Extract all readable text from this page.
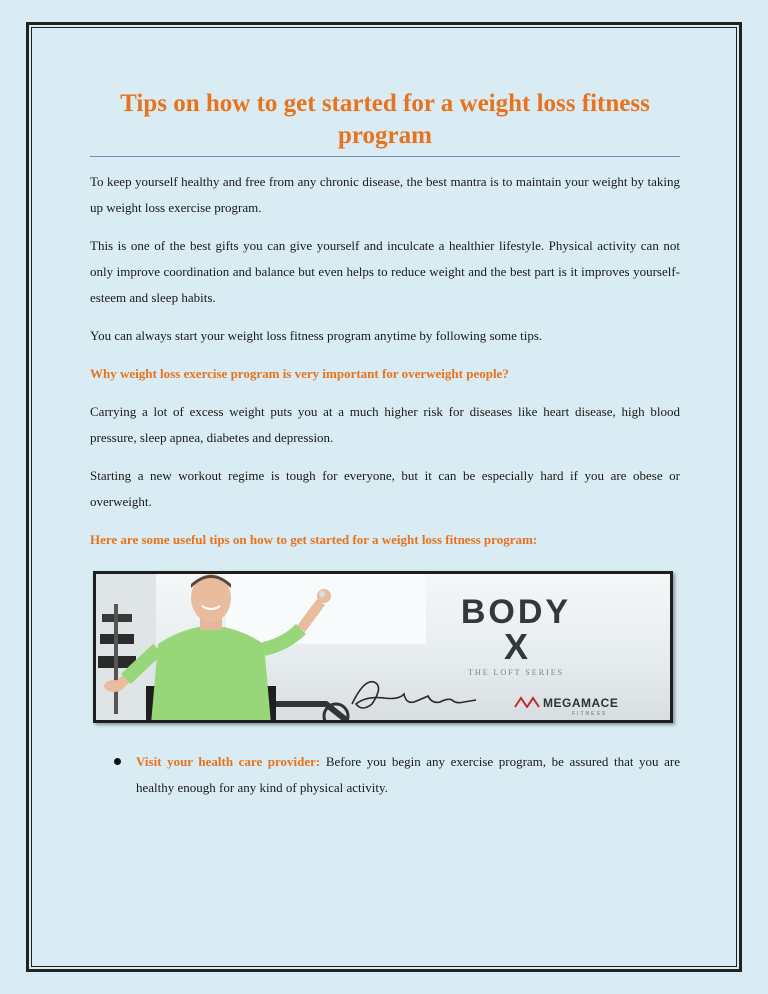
Tips on how to get started for a weight loss fitness program

To keep yourself healthy and free from any chronic disease, the best mantra is to maintain your weight by taking up weight loss exercise program.

This is one of the best gifts you can give yourself and inculcate a healthier lifestyle. Physical activity can not only improve coordination and balance but even helps to reduce weight and the best part is it improves yourself-esteem and sleep habits.

You can always start your weight loss fitness program anytime by following some tips.

Why weight loss exercise program is very important for overweight people?

Carrying a lot of excess weight puts you at a much higher risk for diseases like heart disease, high blood pressure, sleep apnea, diabetes and depression.

Starting a new workout regime is tough for everyone, but it can be especially hard if you are obese or overweight.

Here are some useful tips on how to get started for a weight loss fitness program:
BODY
X
THE LOFT SERIES
MEGAMACE
FITNESS
Visit your health care provider: Before you begin any exercise program, be assured that you are healthy enough for any kind of physical activity.
